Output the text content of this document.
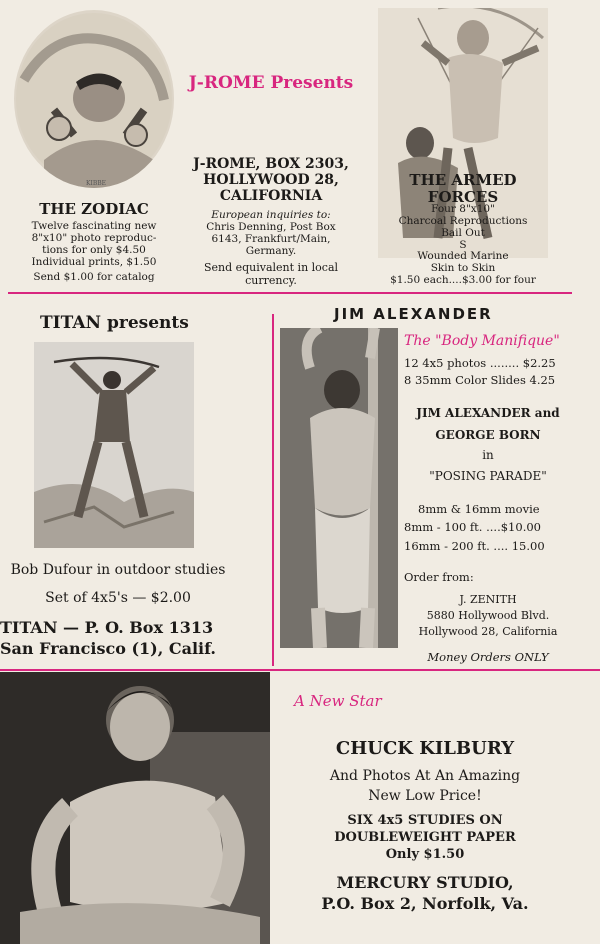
KIBBE
THE ZODIAC
Twelve fascinating new
8"x10" photo reproduc-
tions for only $4.50
Individual prints, $1.50
Send $1.00 for catalog
J-ROME Presents
J-ROME, BOX 2303,
HOLLYWOOD 28,
CALIFORNIA
European inquiries to:
Chris Denning, Post Box
6143, Frankfurt/Main,
Germany.
Send equivalent in local
currency.
THE ARMED
FORCES
Four 8"x10"
Charcoal Reproductions
Bail Out
S
Wounded Marine
Skin to Skin
$1.50 each....$3.00 for four
TITAN presents
Bob Dufour in outdoor studies
Set of 4x5's — $2.00
TITAN — P. O. Box 1313
San Francisco (1), Calif.
JIM ALEXANDER
The "Body Manifique"
12 4x5 photos ........ $2.25
8 35mm Color Slides 4.25
JIM ALEXANDER and
GEORGE BORN
in
"POSING PARADE"
8mm & 16mm movie
8mm - 100 ft. ....$10.00
16mm - 200 ft. .... 15.00
Order from:
J. ZENITH
5880 Hollywood Blvd.
Hollywood 28, California
Money Orders ONLY
A New Star
CHUCK KILBURY
And Photos At An Amazing
New Low Price!
SIX 4x5 STUDIES ON
DOUBLEWEIGHT PAPER
Only $1.50
MERCURY STUDIO,
P.O. Box 2, Norfolk, Va.
